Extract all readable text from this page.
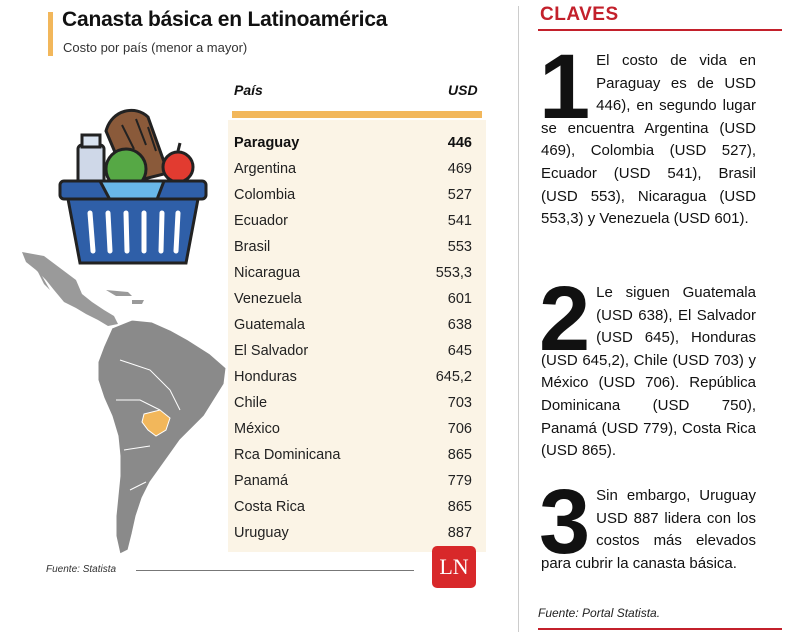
Canasta básica en Latinoamérica
Costo por país (menor a mayor)
País	USD
Paraguay	446
Argentina	469
Colombia	527
Ecuador	541
Brasil	553
Nicaragua	553,3
Venezuela	601
Guatemala	638
El Salvador	645
Honduras	645,2
Chile	703
México	706
Rca Dominicana	865
Panamá	779
Costa Rica	865
Uruguay	887
Fuente: Statista	LN
CLAVES
1 El costo de vida en Paraguay es de USD 446), en segundo lugar se encuentra Argentina (USD 469), Colombia (USD 527), Ecuador (USD 541), Brasil (USD 553), Nicaragua (USD 553,3) y Venezuela (USD 601).
2 Le siguen Guatemala (USD 638), El Salvador (USD 645), Honduras (USD 645,2), Chile (USD 703) y México (USD 706). República Dominicana (USD 750), Panamá (USD 779), Costa Rica (USD 865).
3 Sin embargo, Uruguay USD 887 lidera con los costos más elevados para cubrir la canasta básica.
Fuente: Portal Statista.
